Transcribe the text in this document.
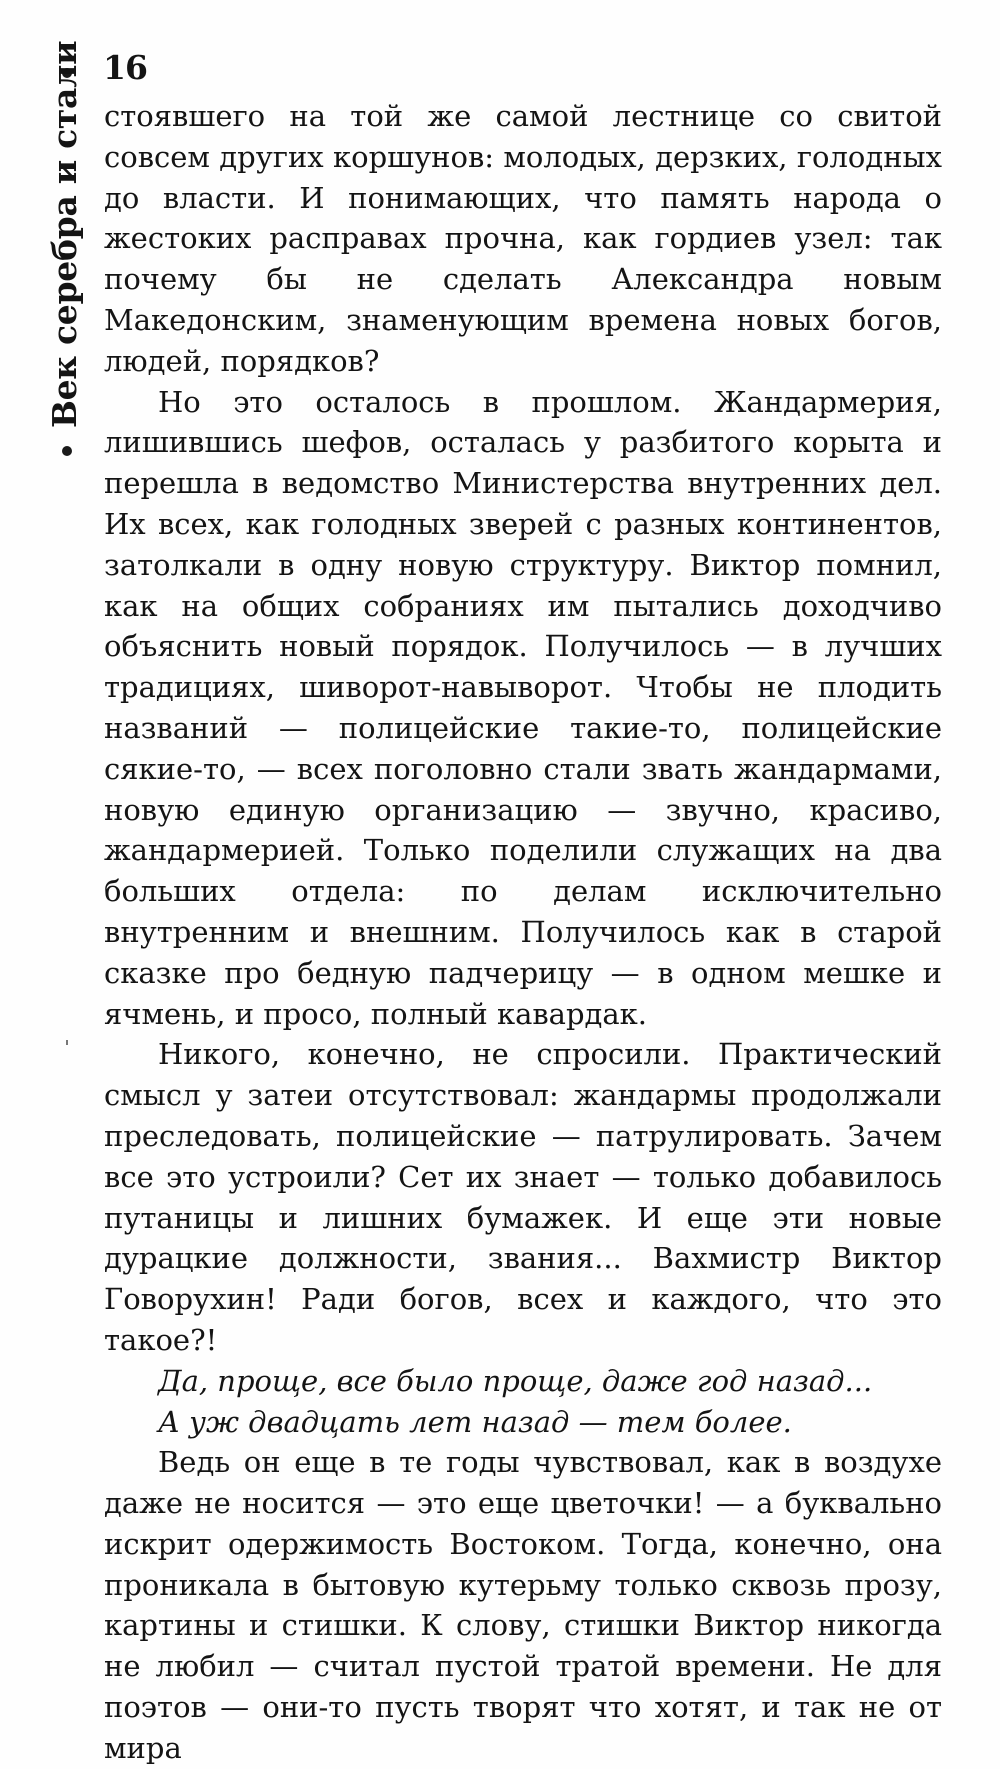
16
Век серебра и стали стоявшего на той же самой лестнице со свитой совсем других коршунов: молодых, дерзких, голодных до власти. И понимающих, что память народа о жестоких расправах прочна, как гордиев узел: так почему бы не сделать Александра новым Македонским, знаменующим времена новых богов, людей, порядков?

Но это осталось в прошлом. Жандармерия, лишившись шефов, осталась у разбитого корыта и перешла в ведомство Министерства внутренних дел. Их всех, как голодных зверей с разных континентов, затолкали в одну новую структуру. Виктор помнил, как на общих собраниях им пытались доходчиво объяснить новый порядок. Получилось — в лучших традициях, шиворот-навыворот. Чтобы не плодить названий — полицейские такие-то, полицейские сякие-то, — всех поголовно стали звать жандармами, новую единую организацию — звучно, красиво, жандармерией. Только поделили служащих на два больших отдела: по делам исключительно внутренним и внешним. Получилось как в старой сказке про бедную падчерицу — в одном мешке и ячмень, и просо, полный кавардак.

Никого, конечно, не спросили. Практический смысл у затеи отсутствовал: жандармы продолжали преследовать, полицейские — патрулировать. Зачем все это устроили? Сет их знает — только добавилось путаницы и лишних бумажек. И еще эти новые дурацкие должности, звания... Вахмистр Виктор Говорухин! Ради богов, всех и каждого, что это такое?!

Да, проще, все было проще, даже год назад...

А уж двадцать лет назад — тем более.

Ведь он еще в те годы чувствовал, как в воздухе даже не носится — это еще цветочки! — а буквально искрит одержимость Востоком. Тогда, конечно, она проникала в бытовую кутерьму только сквозь прозу, картины и стишки. К слову, стишки Виктор никогда не любил — считал пустой тратой времени. Не для поэтов — они-то пусть творят что хотят, и так не от мира
